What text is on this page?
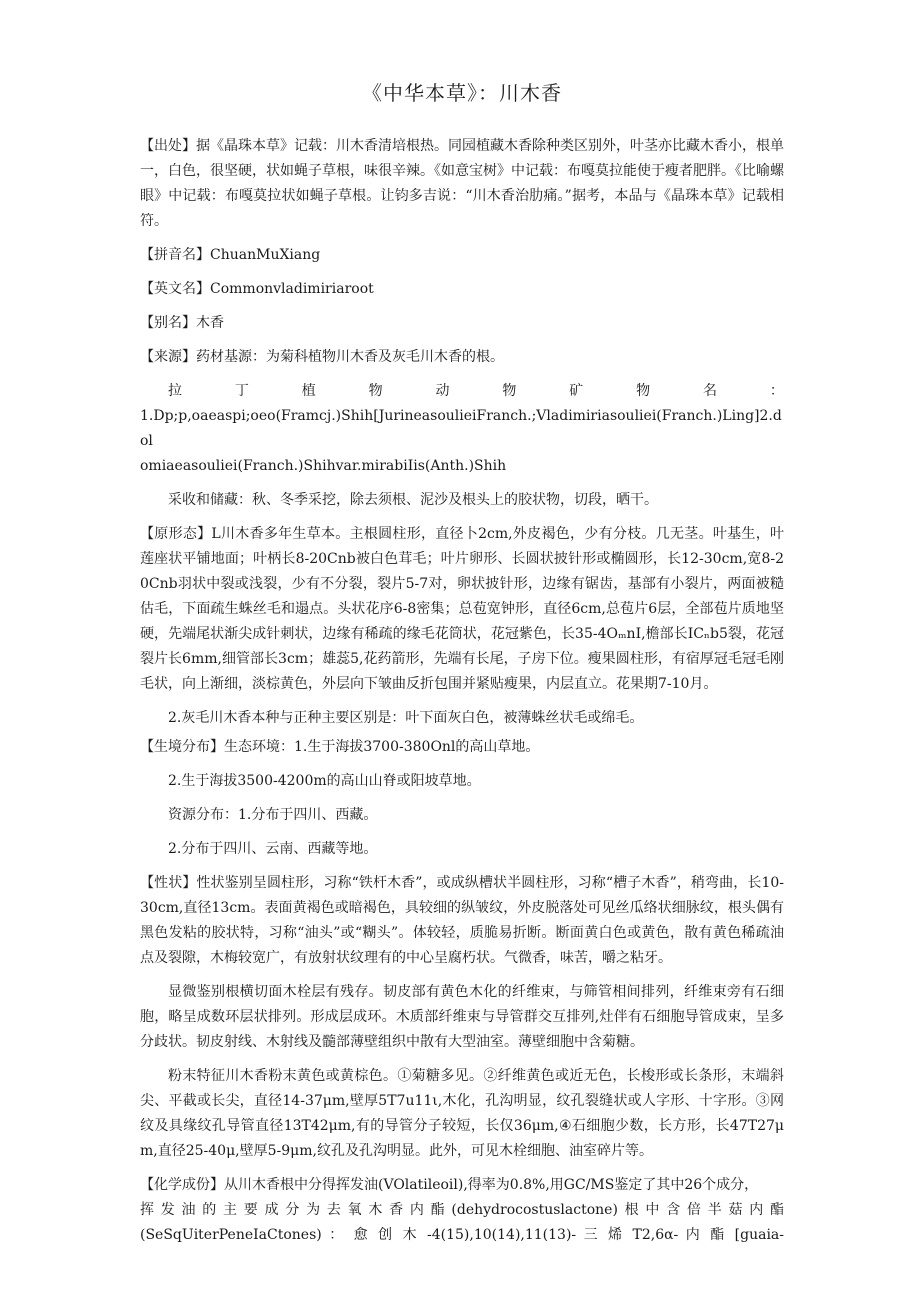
《中华本草》：川木香

【出处】据《晶珠本草》记载：川木香清培根热。同园植藏木香除种类区别外，叶茎亦比藏木香小，根单一，白色，很坚硬，状如蝇子草根，味很辛辣。《如意宝树》中记载：布嘎莫拉能使于瘦者肥胖。《比喻螺眼》中记载：布嘎莫拉状如蝇子草根。让钧多吉说：“川木香治肋痛。”据考，本品与《晶珠本草》记载相符。

【拼音名】ChuanMuXiang

【英文名】Commonvladimiriaroot

【别名】木香

【来源】药材基源：为菊科植物川木香及灰毛川木香的根。

拉	丁	植	物	动	物	矿	物	名	：

1.Dp;p,oaeaspi;oeo(Framcj.)Shih[JurineasoulieiFranch.;Vladimiriasouliei(Franch.)Ling]2.dol

omiaeasouliei(Franch.)Shihvar.mirabiIis(Anth.)Shih

采收和储藏：秋、冬季采挖，除去须根、泥沙及根头上的胶状物，切段，晒干。

【原形态】L川木香多年生草本。主根圆柱形，直径卜2cm,外皮褐色，少有分枝。几无茎。叶基生，叶莲座状平铺地面；叶柄长8-20Cnb被白色茸毛；叶片卵形、长圆状披针形或椭圆形，长12-30cm,宽8-20Cnb羽状中裂或浅裂，少有不分裂，裂片5-7对，卵状披针形，边缘有锯齿，基部有小裂片，两面被糙估毛，下面疏生蛛丝毛和遢点。头状花序6-8密集；总苞宽钟形，直径6cm,总苞片6层，全部苞片质地坚硬，先端尾状渐尖成针刺状，边缘有稀疏的缘毛花筒状，花冠紫色，长35-4OₘnI,檐部长ICₙb5裂，花冠裂片长6mm,细管部长3cm；雄蕊5,花药箭形，先端有长尾，子房下位。瘦果圆柱形，有宿厚冠毛冠毛刚毛状，向上渐细，淡棕黄色，外层向下皱曲反折包围并紧贴瘦果，内层直立。花果期7-10月。

2.灰毛川木香本种与正种主要区别是：叶下面灰白色，被薄蛛丝状毛或绵毛。

【生境分布】生态环境：1.生于海拔3700-380Onl的高山草地。

2.生于海拔3500-4200m的高山山脊或阳坡草地。

资源分布：1.分布于四川、西藏。

2.分布于四川、云南、西藏等地。

【性状】性状鉴别呈圆柱形，习称“铁杆木香”，或成纵槽状半圆柱形，习称“槽子木香”，稍弯曲，长10-30cm,直径13cm。表面黄褐色或暗褐色，具较细的纵皱纹，外皮脱落处可见丝瓜络状细脉纹，根头偶有黑色发粘的胶状特，习称“油头”或“糊头”。体较轻，质脆易折断。断面黄白色或黄色，散有黄色稀疏油点及裂隙，木梅较宽广，有放射状纹理有的中心呈腐朽状。气微香，味苦，嚼之粘牙。

显微鉴别根横切面木栓层有残存。韧皮部有黄色木化的纤维束，与筛管相间排列，纤维束旁有石细胞，略呈成数环层状排列。形成层成环。木质部纤维束与导管群交互排列,灶伴有石细胞导管成束，呈多分歧状。韧皮射线、木射线及髓部薄壁组织中散有大型油室。薄壁细胞中含菊糖。

粉末特征川木香粉末黄色或黄棕色。①菊糖多见。②纤维黄色或近无色，长梭形或长条形，末端斜尖、平截或长尖，直径14-37μm,壁厚5T7u11ι,木化，孔沟明显，纹孔裂缝状或人字形、十字形。③网纹及具缘纹孔导管直径13T42μm,有的导管分子较短，长仅36μm,④石细胞少数，长方形，长47T27μm,直径25-40μ,壁厚5-9μm,纹孔及孔沟明显。此外，可见木栓细胞、油室碎片等。

【化学成份】从川木香根中分得挥发油(VOlatileoil),得率为0.8%,用GC/MS鉴定了其中26个成分，

挥发油的主要成分为去氧木香内酯(dehydrocostuslactone)根中含倍半菇内酯

(SeSqUiterPeneIaCtones) ： 愈 创 木 -4(15),10(14),11(13)- 三 烯 T2,6α- 内 酯 [guaia-
